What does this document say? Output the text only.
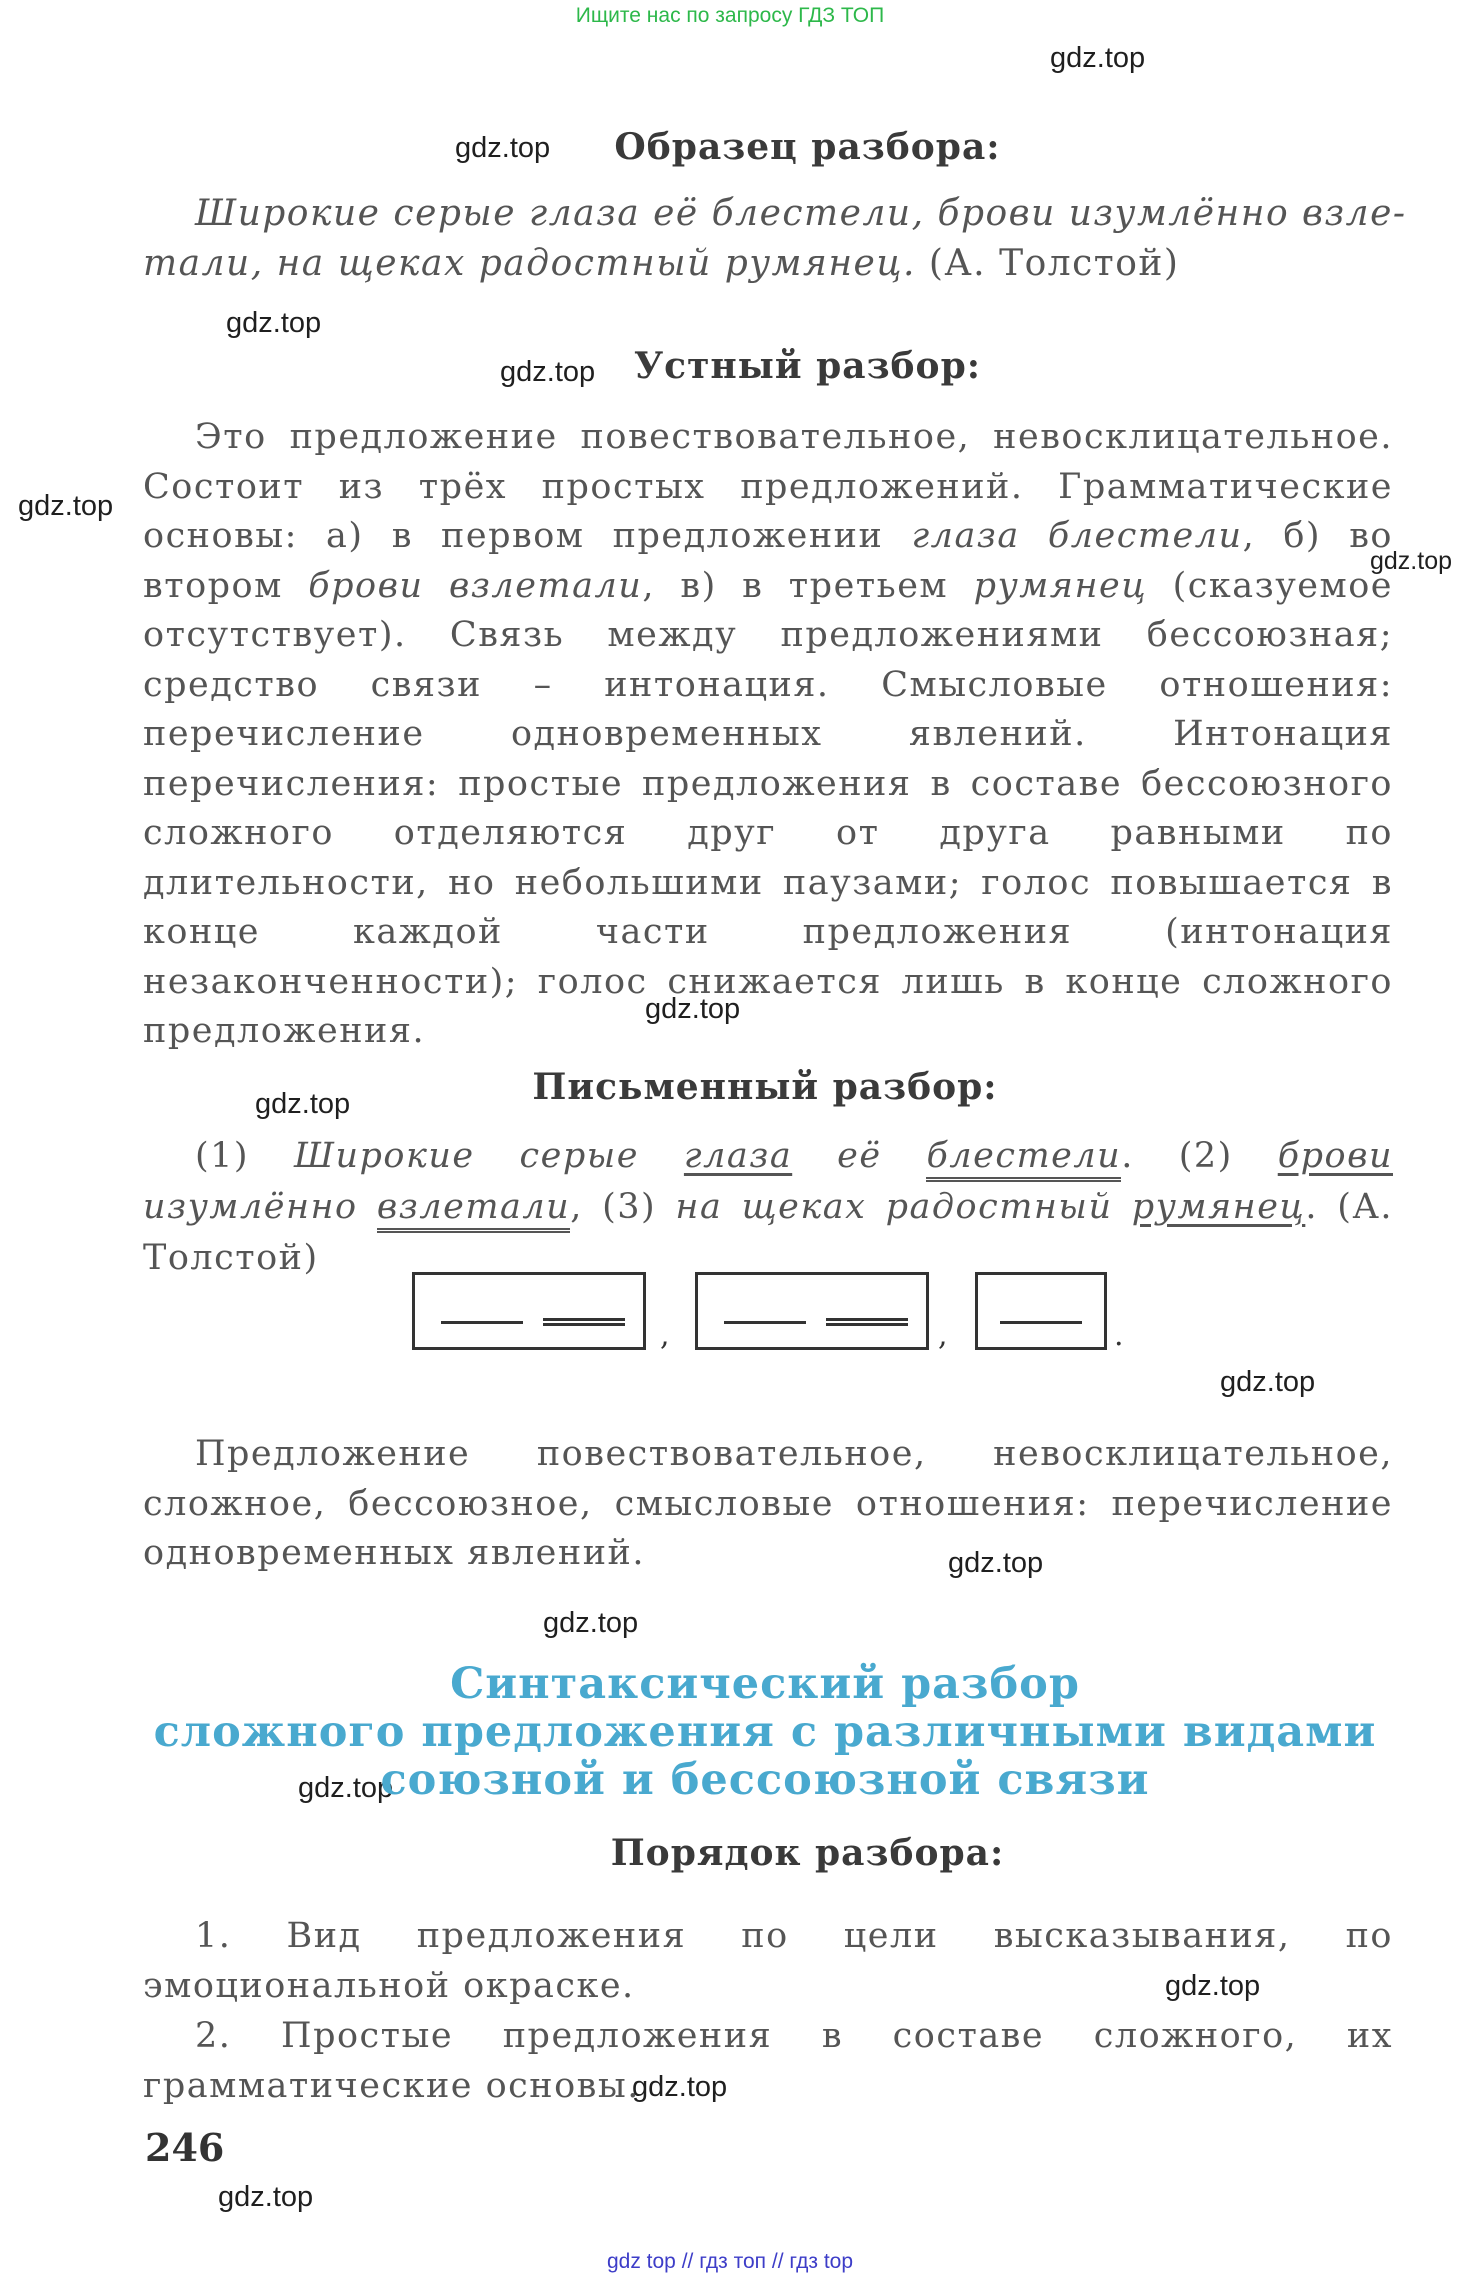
Ищите нас по запросу ГДЗ ТОП
gdz.top
gdz.top
gdz.top
gdz.top
gdz.top
gdz.top
gdz.top
gdz.top
gdz.top
gdz.top
gdz.top
gdz.top
gdz.top
gdz.top
gdz.top
Образец разбора:
Широкие серые глаза её блестели, брови изумлённо взле-
тали, на щеках радостный румянец. (А. Толстой)
Устный разбор:
Это предложение повествовательное, невосклицательное. Состоит из трёх простых предложений. Грамматические основы: а) в первом предложении глаза блестели, б) во втором брови взлетали, в) в третьем румянец (сказуемое отсутствует). Связь между предложениями бессоюзная; средство связи – интонация. Смысловые отношения: перечисление одновременных явлений. Интонация перечисления: простые предложения в составе бессоюзного сложного отделяются друг от друга равными по длительности, но небольшими паузами; голос повышается в конце каждой части предложения (интонация незаконченности); голос снижается лишь в конце сложного предложения.
Письменный разбор:
(1) Широкие серые глаза её блестели. (2) брови изумлённо взлетали, (3) на щеках радостный румянец. (А. Толстой)
,	,	.
Предложение повествовательное, невосклицательное, сложное, бессоюзное, смысловые отношения: перечисление одновременных явлений.
Синтаксический разбор
сложного предложения с различными видами
союзной и бессоюзной связи
Порядок разбора:
1. Вид предложения по цели высказывания, по эмоциональной окраске.
2. Простые предложения в составе сложного, их грамматические основы.
246
gdz top // гдз топ // гдз top
